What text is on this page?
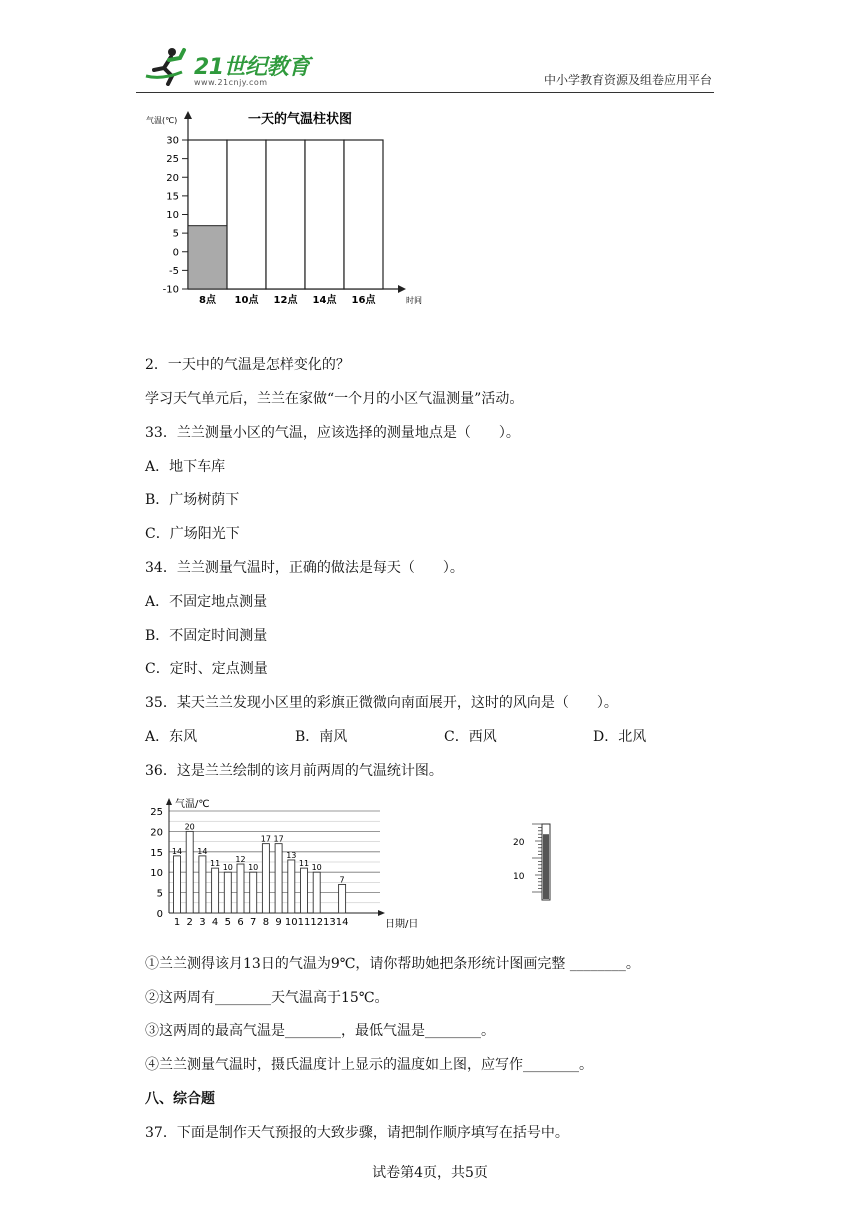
21世纪教育
www.21cnjy.com	中小学教育资源及组卷应用平台
一天的气温柱状图
气温(℃)
时间
30
25
20
15
10
5
0
-5
-10
8点 10点 12点 14点 16点
2．一天中的气温是怎样变化的？
学习天气单元后，兰兰在家做“一个月的小区气温测量”活动。
33．兰兰测量小区的气温，应该选择的测量地点是（　　）。
A．地下车库
B．广场树荫下
C．广场阳光下
34．兰兰测量气温时，正确的做法是每天（　　）。
A．不固定地点测量
B．不固定时间测量
C．定时、定点测量
35．某天兰兰发现小区里的彩旗正微微向南面展开，这时的风向是（　　）。
A．东风	B．南风	C．西风	D．北风
36．这是兰兰绘制的该月前两周的气温统计图。
0
5
10
15
20
25
14
20
14
11 10
12
10
17 17
13
11 10
7
1 2 3 4 5 6 7 8 9 10 11 12 13 14
气温/℃
日期/日
20
10
①兰兰测得该月13日的气温为9℃，请你帮助她把条形统计图画完整 ________。
②这两周有________天气温高于15℃。
③这两周的最高气温是________，最低气温是________。
④兰兰测量气温时，摄氏温度计上显示的温度如上图，应写作________。
八、综合题
37．下面是制作天气预报的大致步骤，请把制作顺序填写在括号中。
试卷第4页，共5页
